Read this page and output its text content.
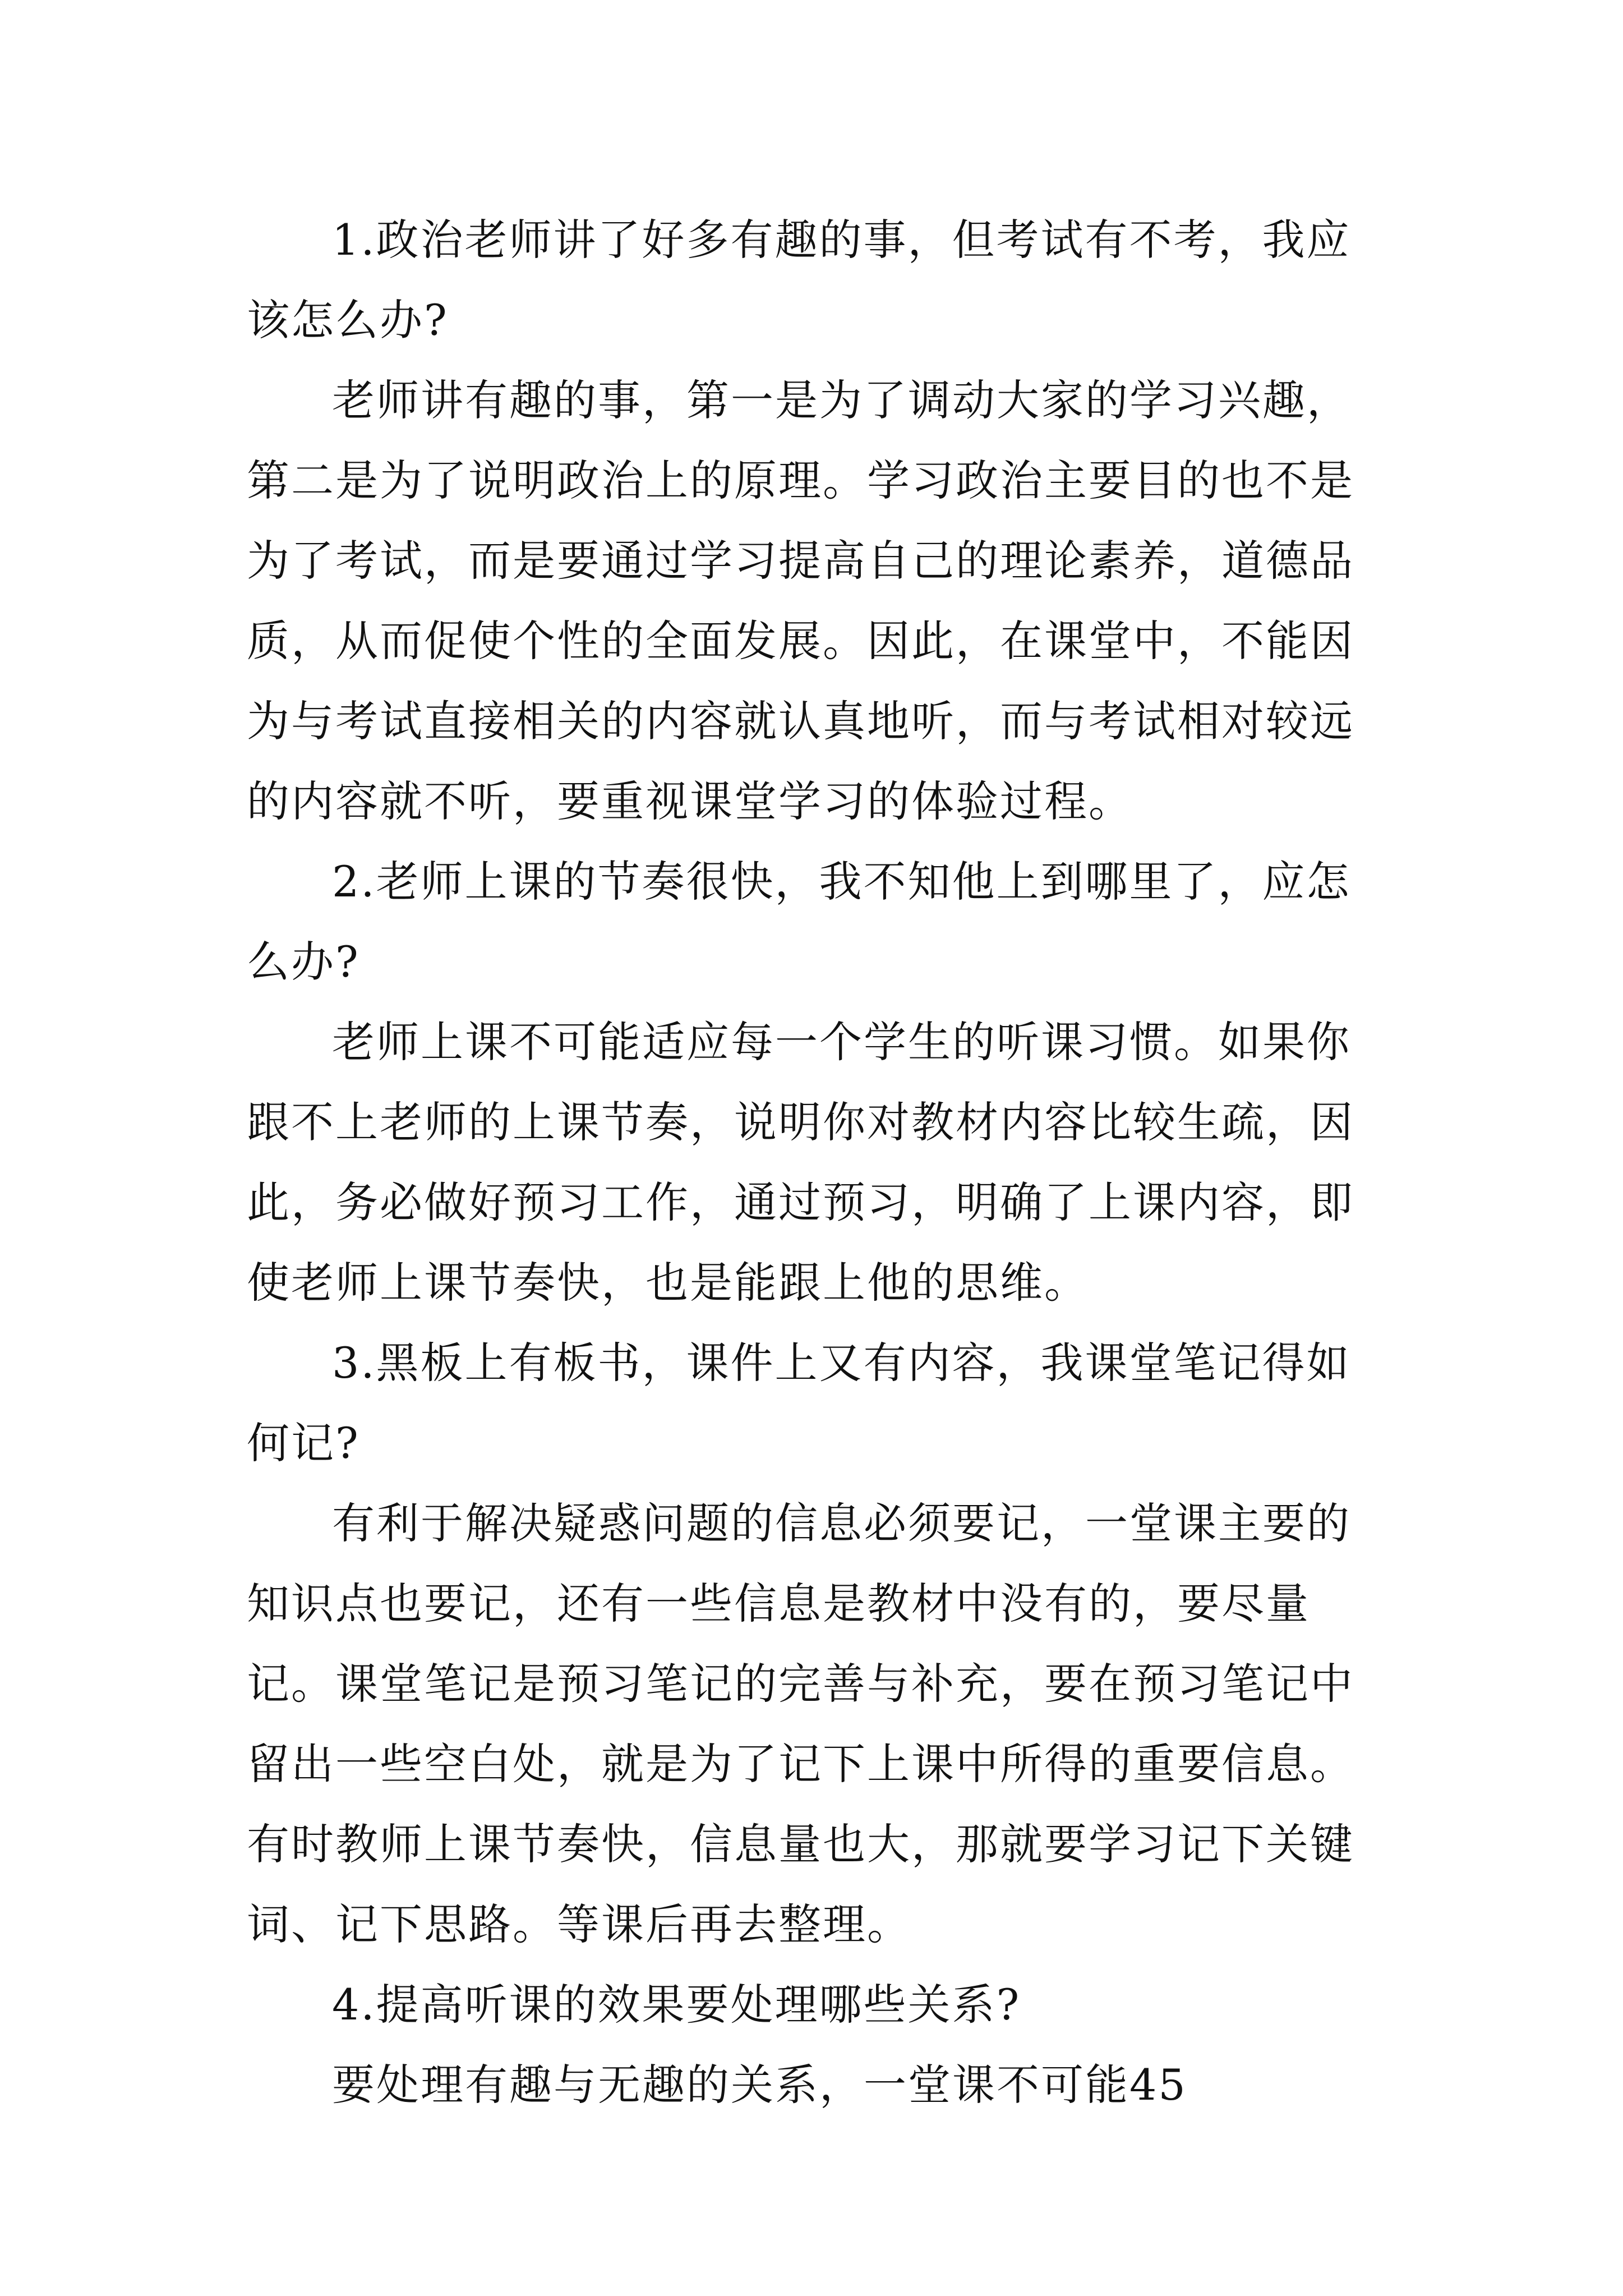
1.政治老师讲了好多有趣的事，但考试有不考，我应该怎么办?

老师讲有趣的事，第一是为了调动大家的学习兴趣，第二是为了说明政治上的原理。学习政治主要目的也不是为了考试，而是要通过学习提高自己的理论素养，道德品质，从而促使个性的全面发展。因此，在课堂中，不能因为与考试直接相关的内容就认真地听，而与考试相对较远的内容就不听，要重视课堂学习的体验过程。

2.老师上课的节奏很快，我不知他上到哪里了，应怎么办?

老师上课不可能适应每一个学生的听课习惯。如果你跟不上老师的上课节奏，说明你对教材内容比较生疏，因此，务必做好预习工作，通过预习，明确了上课内容，即使老师上课节奏快，也是能跟上他的思维。

3.黑板上有板书，课件上又有内容，我课堂笔记得如何记?

有利于解决疑惑问题的信息必须要记，一堂课主要的知识点也要记，还有一些信息是教材中没有的，要尽量记。课堂笔记是预习笔记的完善与补充，要在预习笔记中留出一些空白处，就是为了记下上课中所得的重要信息。有时教师上课节奏快，信息量也大，那就要学习记下关键词、记下思路。等课后再去整理。

4.提高听课的效果要处理哪些关系?

要处理有趣与无趣的关系，一堂课不可能45
